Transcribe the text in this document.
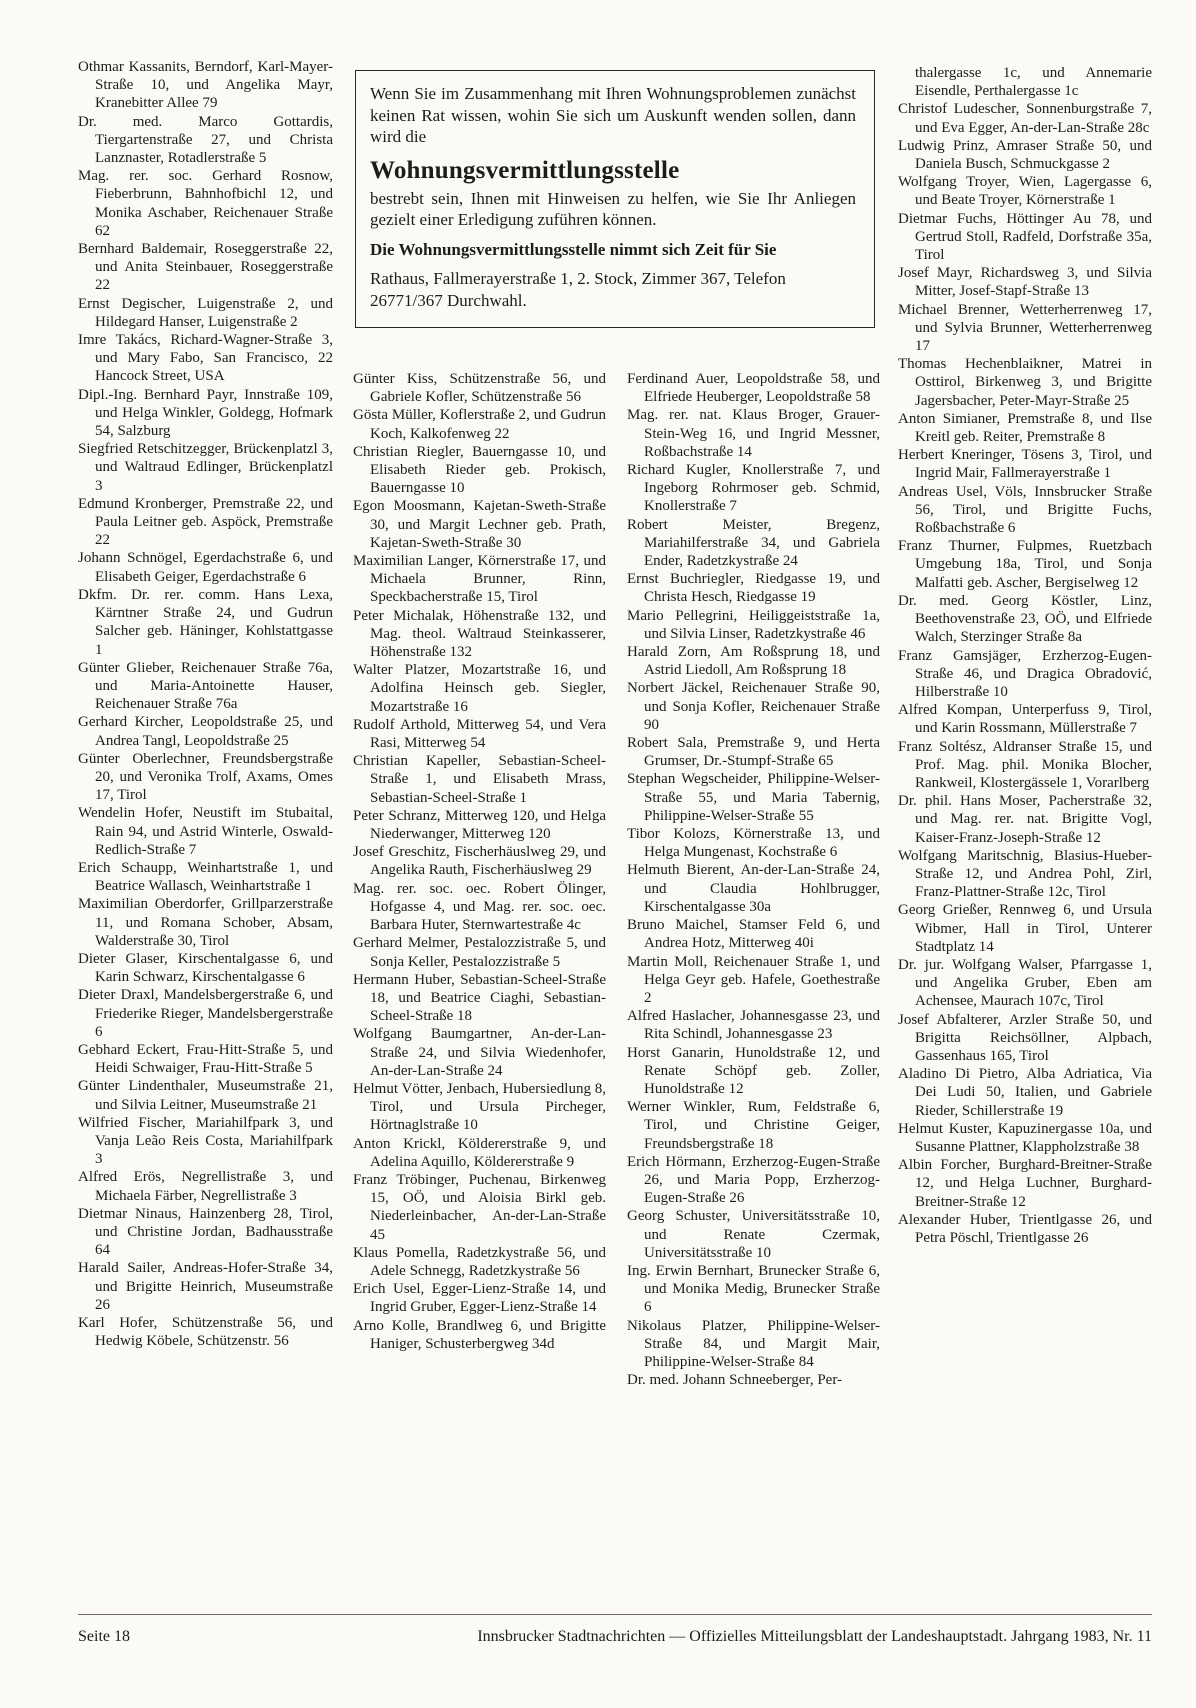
Othmar Kassanits, Berndorf, Karl-Mayer-Straße 10, und Angelika Mayr, Kranebitter Allee 79
Dr. med. Marco Gottardis, Tiergartenstraße 27, und Christa Lanznaster, Rotadlerstraße 5
Mag. rer. soc. Gerhard Rosnow, Fieberbrunn, Bahnhofbichl 12, und Monika Aschaber, Reichenauer Straße 62
Bernhard Baldemair, Roseggerstraße 22, und Anita Steinbauer, Roseggerstraße 22
Ernst Degischer, Luigenstraße 2, und Hildegard Hanser, Luigenstraße 2
Imre Takács, Richard-Wagner-Straße 3, und Mary Fabo, San Francisco, 22 Hancock Street, USA
Dipl.-Ing. Bernhard Payr, Innstraße 109, und Helga Winkler, Goldegg, Hofmark 54, Salzburg
Siegfried Retschitzegger, Brückenplatzl 3, und Waltraud Edlinger, Brückenplatzl 3
Edmund Kronberger, Premstraße 22, und Paula Leitner geb. Aspöck, Premstraße 22
Johann Schnögel, Egerdachstraße 6, und Elisabeth Geiger, Egerdachstraße 6
Dkfm. Dr. rer. comm. Hans Lexa, Kärntner Straße 24, und Gudrun Salcher geb. Häninger, Kohlstattgasse 1
Günter Glieber, Reichenauer Straße 76a, und Maria-Antoinette Hauser, Reichenauer Straße 76a
Gerhard Kircher, Leopoldstraße 25, und Andrea Tangl, Leopoldstraße 25
Günter Oberlechner, Freundsbergstraße 20, und Veronika Trolf, Axams, Omes 17, Tirol
Wendelin Hofer, Neustift im Stubaital, Rain 94, und Astrid Winterle, Oswald-Redlich-Straße 7
Erich Schaupp, Weinhartstraße 1, und Beatrice Wallasch, Weinhartstraße 1
Maximilian Oberdorfer, Grillparzerstraße 11, und Romana Schober, Absam, Walderstraße 30, Tirol
Dieter Glaser, Kirschentalgasse 6, und Karin Schwarz, Kirschentalgasse 6
Dieter Draxl, Mandelsbergerstraße 6, und Friederike Rieger, Mandelsbergerstraße 6
Gebhard Eckert, Frau-Hitt-Straße 5, und Heidi Schwaiger, Frau-Hitt-Straße 5
Günter Lindenthaler, Museumstraße 21, und Silvia Leitner, Museumstraße 21
Wilfried Fischer, Mariahilfpark 3, und Vanja Leão Reis Costa, Mariahilfpark 3
Alfred Erös, Negrellistraße 3, und Michaela Färber, Negrellistraße 3
Dietmar Ninaus, Hainzenberg 28, Tirol, und Christine Jordan, Badhausstraße 64
Harald Sailer, Andreas-Hofer-Straße 34, und Brigitte Heinrich, Museumstraße 26
Karl Hofer, Schützenstraße 56, und Hedwig Köbele, Schützenstr. 56

Wenn Sie im Zusammenhang mit Ihren Wohnungsproblemen zunächst keinen Rat wissen, wohin Sie sich um Auskunft wenden sollen, dann wird die

Wohnungsvermittlungsstelle

bestrebt sein, Ihnen mit Hinweisen zu helfen, wie Sie Ihr Anliegen gezielt einer Erledigung zuführen können.

Die Wohnungsvermittlungsstelle nimmt sich Zeit für Sie

Rathaus, Fallmerayerstraße 1, 2. Stock, Zimmer 367, Telefon 26771/367 Durchwahl.

Günter Kiss, Schützenstraße 56, und Gabriele Kofler, Schützenstraße 56
Gösta Müller, Koflerstraße 2, und Gudrun Koch, Kalkofenweg 22
Christian Riegler, Bauerngasse 10, und Elisabeth Rieder geb. Prokisch, Bauerngasse 10
Egon Moosmann, Kajetan-Sweth-Straße 30, und Margit Lechner geb. Prath, Kajetan-Sweth-Straße 30
Maximilian Langer, Körnerstraße 17, und Michaela Brunner, Rinn, Speckbacherstraße 15, Tirol
Peter Michalak, Höhenstraße 132, und Mag. theol. Waltraud Steinkasserer, Höhenstraße 132
Walter Platzer, Mozartstraße 16, und Adolfina Heinsch geb. Siegler, Mozartstraße 16
Rudolf Arthold, Mitterweg 54, und Vera Rasi, Mitterweg 54
Christian Kapeller, Sebastian-Scheel-Straße 1, und Elisabeth Mrass, Sebastian-Scheel-Straße 1
Peter Schranz, Mitterweg 120, und Helga Niederwanger, Mitterweg 120
Josef Greschitz, Fischerhäuslweg 29, und Angelika Rauth, Fischerhäuslweg 29
Mag. rer. soc. oec. Robert Ölinger, Hofgasse 4, und Mag. rer. soc. oec. Barbara Huter, Sternwartestraße 4c
Gerhard Melmer, Pestalozzistraße 5, und Sonja Keller, Pestalozzistraße 5
Hermann Huber, Sebastian-Scheel-Straße 18, und Beatrice Ciaghi, Sebastian-Scheel-Straße 18
Wolfgang Baumgartner, An-der-Lan-Straße 24, und Silvia Wiedenhofer, An-der-Lan-Straße 24
Helmut Vötter, Jenbach, Hubersiedlung 8, Tirol, und Ursula Pircheger, Hörtnaglstraße 10
Anton Krickl, Köldererstraße 9, und Adelina Aquillo, Köldererstraße 9
Franz Tröbinger, Puchenau, Birkenweg 15, OÖ, und Aloisia Birkl geb. Niederleinbacher, An-der-Lan-Straße 45
Klaus Pomella, Radetzkystraße 56, und Adele Schnegg, Radetzkystraße 56
Erich Usel, Egger-Lienz-Straße 14, und Ingrid Gruber, Egger-Lienz-Straße 14
Arno Kolle, Brandlweg 6, und Brigitte Haniger, Schusterbergweg 34d
Ferdinand Auer, Leopoldstraße 58, und Elfriede Heuberger, Leopoldstraße 58
Mag. rer. nat. Klaus Broger, Grauer-Stein-Weg 16, und Ingrid Messner, Roßbachstraße 14
Richard Kugler, Knollerstraße 7, und Ingeborg Rohrmoser geb. Schmid, Knollerstraße 7
Robert Meister, Bregenz, Mariahilferstraße 34, und Gabriela Ender, Radetzkystraße 24
Ernst Buchriegler, Riedgasse 19, und Christa Hesch, Riedgasse 19
Mario Pellegrini, Heiliggeiststraße 1a, und Silvia Linser, Radetzkystraße 46
Harald Zorn, Am Roßsprung 18, und Astrid Liedoll, Am Roßsprung 18
Norbert Jäckel, Reichenauer Straße 90, und Sonja Kofler, Reichenauer Straße 90
Robert Sala, Premstraße 9, und Herta Grumser, Dr.-Stumpf-Straße 65
Stephan Wegscheider, Philippine-Welser-Straße 55, und Maria Tabernig, Philippine-Welser-Straße 55
Tibor Kolozs, Körnerstraße 13, und Helga Mungenast, Kochstraße 6
Helmuth Bierent, An-der-Lan-Straße 24, und Claudia Hohlbrugger, Kirschentalgasse 30a
Bruno Maichel, Stamser Feld 6, und Andrea Hotz, Mitterweg 40i
Martin Moll, Reichenauer Straße 1, und Helga Geyr geb. Hafele, Goethestraße 2
Alfred Haslacher, Johannesgasse 23, und Rita Schindl, Johannesgasse 23
Horst Ganarin, Hunoldstraße 12, und Renate Schöpf geb. Zoller, Hunoldstraße 12
Werner Winkler, Rum, Feldstraße 6, Tirol, und Christine Geiger, Freundsbergstraße 18
Erich Hörmann, Erzherzog-Eugen-Straße 26, und Maria Popp, Erzherzog-Eugen-Straße 26
Georg Schuster, Universitätsstraße 10, und Renate Czermak, Universitätsstraße 10
Ing. Erwin Bernhart, Brunecker Straße 6, und Monika Medig, Brunecker Straße 6
Nikolaus Platzer, Philippine-Welser-Straße 84, und Margit Mair, Philippine-Welser-Straße 84
Dr. med. Johann Schneeberger, Per-
thalergasse 1c, und Annemarie Eisendle, Perthalergasse 1c
Christof Ludescher, Sonnenburgstraße 7, und Eva Egger, An-der-Lan-Straße 28c
Ludwig Prinz, Amraser Straße 50, und Daniela Busch, Schmuckgasse 2
Wolfgang Troyer, Wien, Lagergasse 6, und Beate Troyer, Körnerstraße 1
Dietmar Fuchs, Höttinger Au 78, und Gertrud Stoll, Radfeld, Dorfstraße 35a, Tirol
Josef Mayr, Richardsweg 3, und Silvia Mitter, Josef-Stapf-Straße 13
Michael Brenner, Wetterherrenweg 17, und Sylvia Brunner, Wetterherrenweg 17
Thomas Hechenblaikner, Matrei in Osttirol, Birkenweg 3, und Brigitte Jagersbacher, Peter-Mayr-Straße 25
Anton Simianer, Premstraße 8, und Ilse Kreitl geb. Reiter, Premstraße 8
Herbert Kneringer, Tösens 3, Tirol, und Ingrid Mair, Fallmerayerstraße 1
Andreas Usel, Völs, Innsbrucker Straße 56, Tirol, und Brigitte Fuchs, Roßbachstraße 6
Franz Thurner, Fulpmes, Ruetzbach Umgebung 18a, Tirol, und Sonja Malfatti geb. Ascher, Bergiselweg 12
Dr. med. Georg Köstler, Linz, Beethovenstraße 23, OÖ, und Elfriede Walch, Sterzinger Straße 8a
Franz Gamsjäger, Erzherzog-Eugen-Straße 46, und Dragica Obradović, Hilberstraße 10
Alfred Kompan, Unterperfuss 9, Tirol, und Karin Rossmann, Müllerstraße 7
Franz Soltész, Aldranser Straße 15, und Prof. Mag. phil. Monika Blocher, Rankweil, Klostergässele 1, Vorarlberg
Dr. phil. Hans Moser, Pacherstraße 32, und Mag. rer. nat. Brigitte Vogl, Kaiser-Franz-Joseph-Straße 12
Wolfgang Maritschnig, Blasius-Hueber-Straße 12, und Andrea Pohl, Zirl, Franz-Plattner-Straße 12c, Tirol
Georg Grießer, Rennweg 6, und Ursula Wibmer, Hall in Tirol, Unterer Stadtplatz 14
Dr. jur. Wolfgang Walser, Pfarrgasse 1, und Angelika Gruber, Eben am Achensee, Maurach 107c, Tirol
Josef Abfalterer, Arzler Straße 50, und Brigitta Reichsöllner, Alpbach, Gassenhaus 165, Tirol
Aladino Di Pietro, Alba Adriatica, Via Dei Ludi 50, Italien, und Gabriele Rieder, Schillerstraße 19
Helmut Kuster, Kapuzinergasse 10a, und Susanne Plattner, Klappholzstraße 38
Albin Forcher, Burghard-Breitner-Straße 12, und Helga Luchner, Burghard-Breitner-Straße 12
Alexander Huber, Trientlgasse 26, und Petra Pöschl, Trientlgasse 26
Seite 18	Innsbrucker Stadtnachrichten — Offizielles Mitteilungsblatt der Landeshauptstadt. Jahrgang 1983, Nr. 11
